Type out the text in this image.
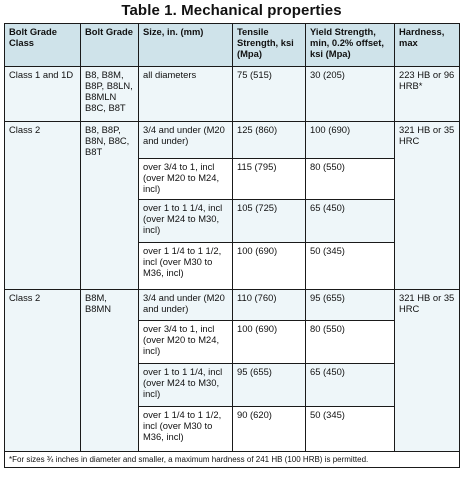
Table 1. Mechanical properties
Bolt Grade Class	Bolt Grade	Size, in. (mm)	Tensile Strength, ksi (Mpa)	Yield Strength, min, 0.2% offset, ksi (Mpa)	Hardness, max
Class 1 and 1D	B8, B8M, B8P, B8LN, B8MLN B8C, B8T	all diameters	75 (515)	30 (205)	223 HB or 96 HRB*
Class 2	B8, B8P, B8N, B8C, B8T	3/4 and under (M20 and under)	125 (860)	100 (690)	321 HB or 35 HRC
		over 3/4 to 1, incl (over M20 to M24, incl)	115 (795)	80 (550)	
		over 1 to 1 1/4, incl (over M24 to M30, incl)	105 (725)	65 (450)	
		over 1 1/4 to 1 1/2, incl (over M30 to M36, incl)	100 (690)	50 (345)	
Class 2	B8M, B8MN	3/4 and under (M20 and under)	110 (760)	95 (655)	321 HB or 35 HRC
		over 3/4 to 1, incl (over M20 to M24, incl)	100 (690)	80 (550)	
		over 1 to 1 1/4, incl (over M24 to M30, incl)	95 (655)	65 (450)	
		over 1 1/4 to 1 1/2, incl (over M30 to M36, incl)	90 (620)	50 (345)	
*For sizes ¾ inches in diameter and smaller, a maximum hardness of 241 HB (100 HRB) is permitted.					
